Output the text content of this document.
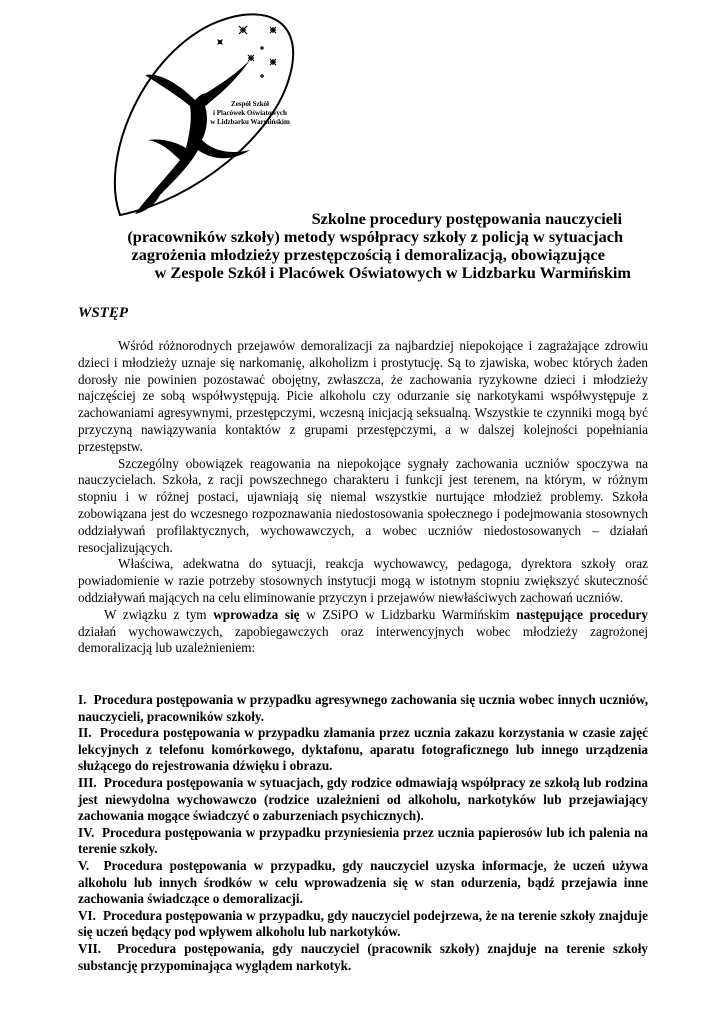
Zespół Szkół
i Placówek Oświatowych
w Lidzbarku Warmińskim
Szkolne procedury postępowania nauczycieli
(pracowników szkoły) metody współpracy szkoły z policją w sytuacjach
zagrożenia młodzieży przestępczością i demoralizacją, obowiązujące
w Zespole Szkół i Placówek Oświatowych w Lidzbarku Warmińskim
WSTĘP

Wśród różnorodnych przejawów demoralizacji za najbardziej niepokojące i zagrażające zdrowiu dzieci i młodzieży uznaje się narkomanię, alkoholizm i prostytucję. Są to zjawiska, wobec których żaden dorosły nie powinien pozostawać obojętny, zwłaszcza, że zachowania ryzykowne dzieci i młodzieży najczęściej ze sobą współwystępują. Picie alkoholu czy odurzanie się narkotykami współwystępuje z zachowaniami agresywnymi, przestępczymi, wczesną inicjacją seksualną. Wszystkie te czynniki mogą być przyczyną nawiązywania kontaktów z grupami przestępczymi, a w dalszej kolejności popełniania przestępstw.

Szczególny obowiązek reagowania na niepokojące sygnały zachowania uczniów spoczywa na nauczycielach. Szkoła, z racji powszechnego charakteru i funkcji jest terenem, na którym, w różnym stopniu i w różnej postaci, ujawniają się niemal wszystkie nurtujące młodzież problemy. Szkoła zobowiązana jest do wczesnego rozpoznawania niedostosowania społecznego i podejmowania stosownych oddziaływań profilaktycznych, wychowawczych, a wobec uczniów niedostosowanych – działań resocjalizujących.

Właściwa, adekwatna do sytuacji, reakcja wychowawcy, pedagoga, dyrektora szkoły oraz powiadomienie w razie potrzeby stosownych instytucji mogą w istotnym stopniu zwiększyć skuteczność oddziaływań mających na celu eliminowanie przyczyn i przejawów niewłaściwych zachowań uczniów.

W związku z tym wprowadza się w ZSiPO w Lidzbarku Warmińskim następujące procedury działań wychowawczych, zapobiegawczych oraz interwencyjnych wobec młodzieży zagrożonej demoralizacją lub uzależnieniem:

I. Procedura postępowania w przypadku agresywnego zachowania się ucznia wobec innych uczniów, nauczycieli, pracowników szkoły.

II. Procedura postępowania w przypadku złamania przez ucznia zakazu korzystania w czasie zajęć lekcyjnych z telefonu komórkowego, dyktafonu, aparatu fotograficznego lub innego urządzenia służącego do rejestrowania dźwięku i obrazu.

III. Procedura postępowania w sytuacjach, gdy rodzice odmawiają współpracy ze szkołą lub rodzina jest niewydolna wychowawczo (rodzice uzależnieni od alkoholu, narkotyków lub przejawiający zachowania mogące świadczyć o zaburzeniach psychicznych).

IV. Procedura postępowania w przypadku przyniesienia przez ucznia papierosów lub ich palenia na terenie szkoły.

V. Procedura postępowania w przypadku, gdy nauczyciel uzyska informacje, że uczeń używa alkoholu lub innych środków w celu wprowadzenia się w stan odurzenia, bądź przejawia inne zachowania świadczące o demoralizacji.

VI. Procedura postępowania w przypadku, gdy nauczyciel podejrzewa, że na terenie szkoły znajduje się uczeń będący pod wpływem alkoholu lub narkotyków.

VII. Procedura postępowania, gdy nauczyciel (pracownik szkoły) znajduje na terenie szkoły substancję przypominająca wyglądem narkotyk.
